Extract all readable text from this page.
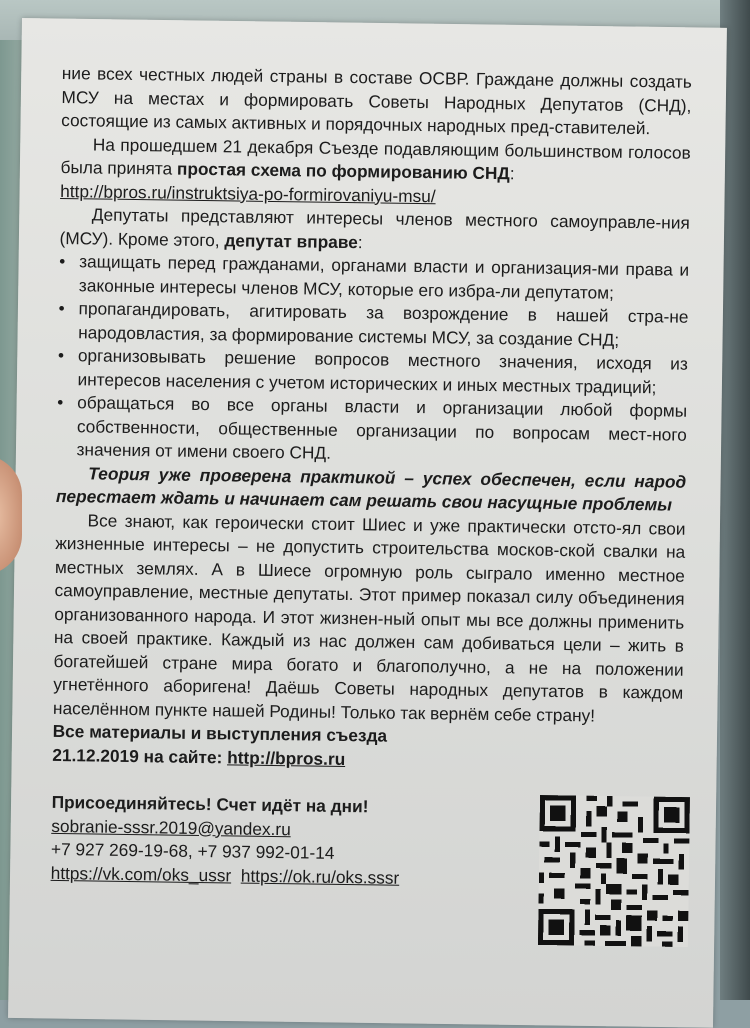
ние всех честных людей страны в составе ОСВР. Граждане должны создать МСУ на местах и формировать Советы Народных Депутатов (СНД), состоящие из самых активных и порядочных народных пред-ставителей.

На прошедшем 21 декабря Съезде подавляющим большинством голосов была принята простая схема по формированию СНД:
http://bpros.ru/instruktsiya-po-formirovaniyu-msu/

Депутаты представляют интересы членов местного самоуправле-ния (МСУ). Кроме этого, депутат вправе:

• защищать перед гражданами, органами власти и организация-ми права и законные интересы членов МСУ, которые его избра-ли депутатом;
• пропагандировать, агитировать за возрождение в нашей стра-не народовластия, за формирование системы МСУ, за создание СНД;
• организовывать решение вопросов местного значения, исходя из интересов населения с учетом исторических и иных местных традиций;
• обращаться во все органы власти и организации любой формы собственности, общественные организации по вопросам мест-ного значения от имени своего СНД.

Теория уже проверена практикой – успех обеспечен, если народ перестает ждать и начинает сам решать свои насущные проблемы

Все знают, как героически стоит Шиес и уже практически отсто-ял свои жизненные интересы – не допустить строительства москов-ской свалки на местных землях. А в Шиесе огромную роль сыграло именно местное самоуправление, местные депутаты. Этот пример показал силу объединения организованного народа. И этот жизнен-ный опыт мы все должны применить на своей практике. Каждый из нас должен сам добиваться цели – жить в богатейшей стране мира богато и благополучно, а не на положении угнетённого аборигена! Даёшь Советы народных депутатов в каждом населённом пункте нашей Родины! Только так вернём себе страну!

Все материалы и выступления съезда
21.12.2019 на сайте: http://bpros.ru
Присоединяйтесь! Счет идёт на дни!
sobranie-sssr.2019@yandex.ru
+7 927 269-19-68, +7 937 992-01-14
https://vk.com/oks_ussr https://ok.ru/oks.sssr
